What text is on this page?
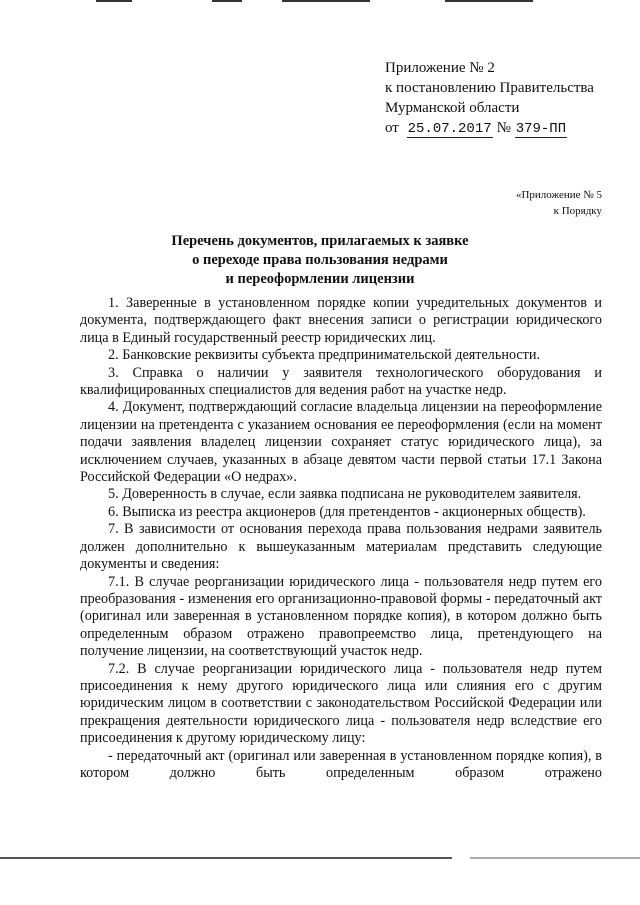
Приложение № 2
к постановлению Правительства
Мурманской области
от 25.07.2017 № 379-ПП
«Приложение № 5
к Порядку
Перечень документов, прилагаемых к заявке
о переходе права пользования недрами
и переоформлении лицензии

1. Заверенные в установленном порядке копии учредительных документов и документа, подтверждающего факт внесения записи о регистрации юридического лица в Единый государственный реестр юридических лиц.

2. Банковские реквизиты субъекта предпринимательской деятельности.

3. Справка о наличии у заявителя технологического оборудования и квалифицированных специалистов для ведения работ на участке недр.

4. Документ, подтверждающий согласие владельца лицензии на переоформление лицензии на претендента с указанием основания ее переоформления (если на момент подачи заявления владелец лицензии сохраняет статус юридического лица), за исключением случаев, указанных в абзаце девятом части первой статьи 17.1 Закона Российской Федерации «О недрах».

5. Доверенность в случае, если заявка подписана не руководителем заявителя.

6. Выписка из реестра акционеров (для претендентов - акционерных обществ).

7. В зависимости от основания перехода права пользования недрами заявитель должен дополнительно к вышеуказанным материалам представить следующие документы и сведения:

7.1. В случае реорганизации юридического лица - пользователя недр путем его преобразования - изменения его организационно-правовой формы - передаточный акт (оригинал или заверенная в установленном порядке копия), в котором должно быть определенным образом отражено правопреемство лица, претендующего на получение лицензии, на соответствующий участок недр.

7.2. В случае реорганизации юридического лица - пользователя недр путем присоединения к нему другого юридического лица или слияния его с другим юридическим лицом в соответствии с законодательством Российской Федерации или прекращения деятельности юридического лица - пользователя недр вследствие его присоединения к другому юридическому лицу:

- передаточный акт (оригинал или заверенная в установленном порядке копия), в котором должно быть определенным образом отражено
